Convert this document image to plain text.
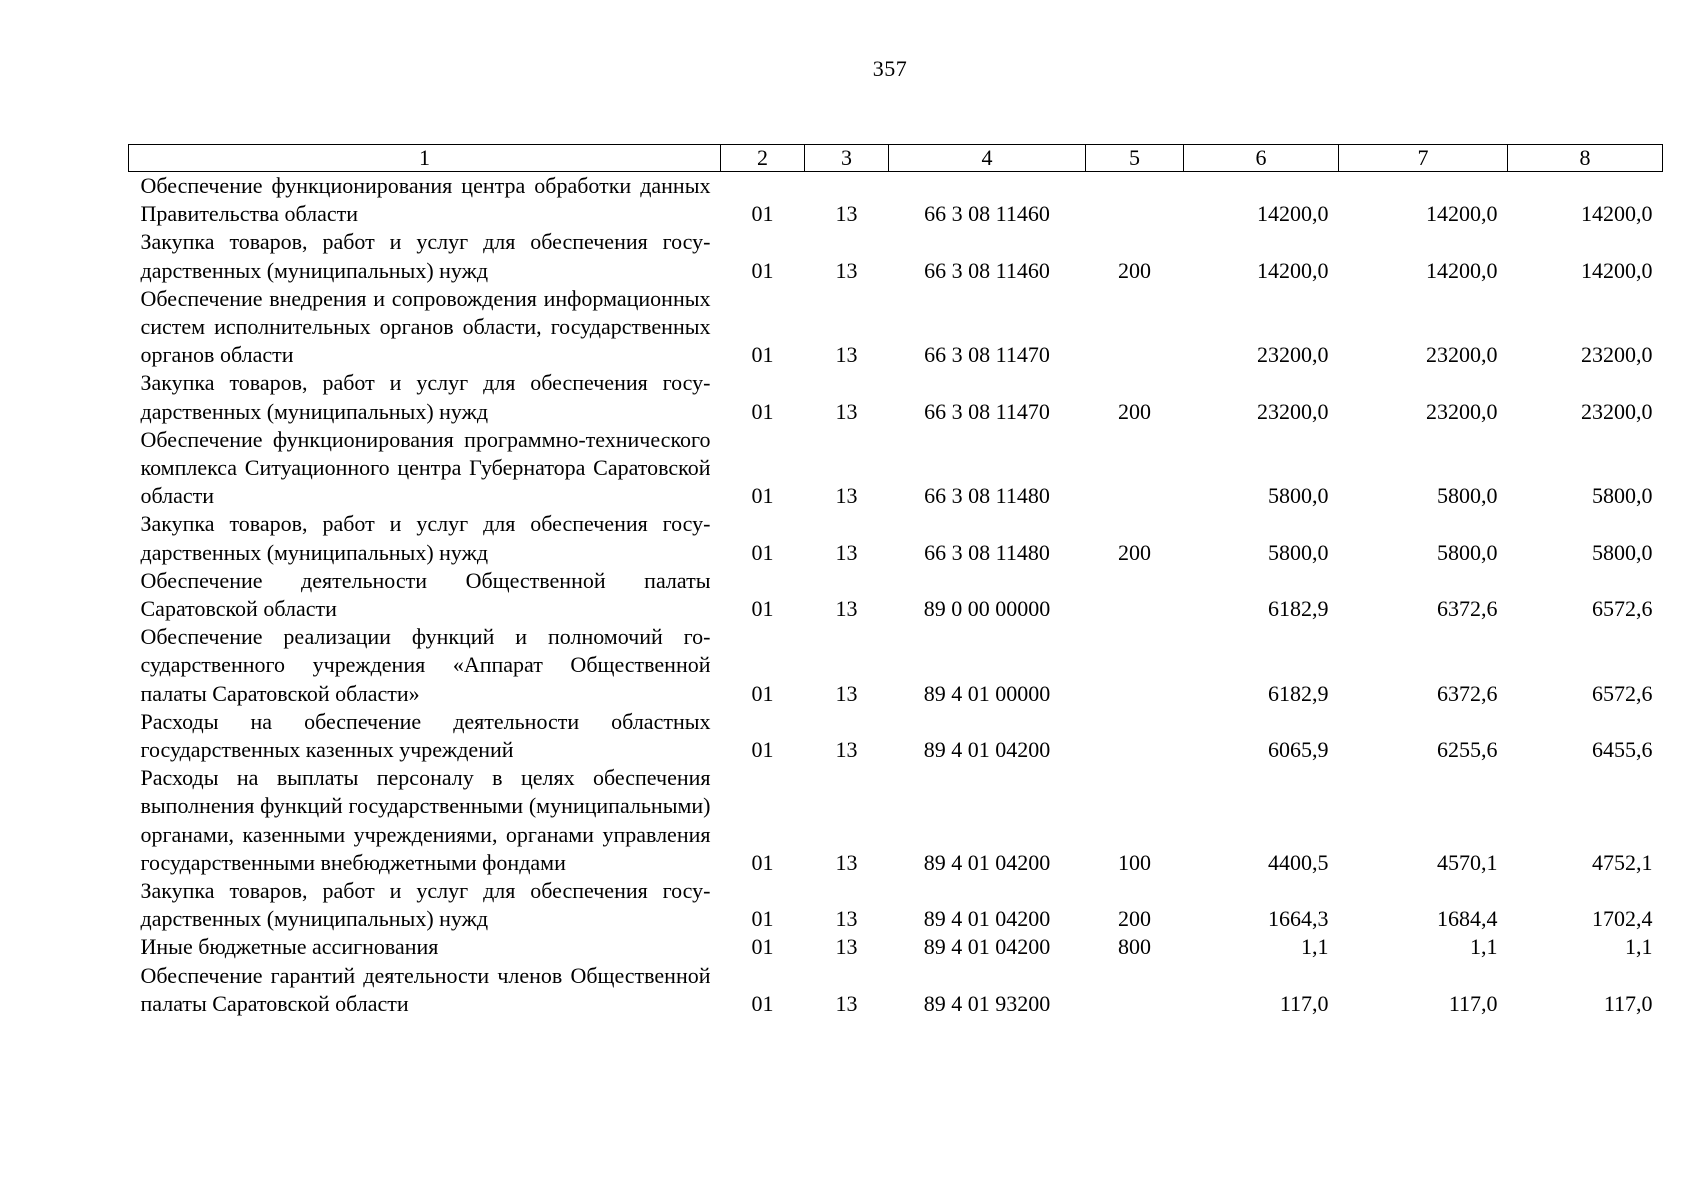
357
1	2	3	4	5	6	7	8
Обеспечение функционирования центра обработки данных Правительства области	01	13	66 3 08 11460		14200,0	14200,0	14200,0
Закупка товаров, работ и услуг для обеспечения государственных (муниципальных) нужд	01	13	66 3 08 11460	200	14200,0	14200,0	14200,0
Обеспечение внедрения и сопровождения информационных систем исполнительных органов области, государственных органов области	01	13	66 3 08 11470		23200,0	23200,0	23200,0
Закупка товаров, работ и услуг для обеспечения государственных (муниципальных) нужд	01	13	66 3 08 11470	200	23200,0	23200,0	23200,0
Обеспечение функционирования программно-технического комплекса Ситуационного центра Губернатора Саратовской области	01	13	66 3 08 11480		5800,0	5800,0	5800,0
Закупка товаров, работ и услуг для обеспечения государственных (муниципальных) нужд	01	13	66 3 08 11480	200	5800,0	5800,0	5800,0
Обеспечение деятельности Общественной палаты Саратовской области	01	13	89 0 00 00000		6182,9	6372,6	6572,6
Обеспечение реализации функций и полномочий государственного учреждения «Аппарат Общественной палаты Саратовской области»	01	13	89 4 01 00000		6182,9	6372,6	6572,6
Расходы на обеспечение деятельности областных государственных казенных учреждений	01	13	89 4 01 04200		6065,9	6255,6	6455,6
Расходы на выплаты персоналу в целях обеспечения выполнения функций государственными (муниципальными) органами, казенными учреждениями, органами управления государственными внебюджетными фондами	01	13	89 4 01 04200	100	4400,5	4570,1	4752,1
Закупка товаров, работ и услуг для обеспечения государственных (муниципальных) нужд	01	13	89 4 01 04200	200	1664,3	1684,4	1702,4
Иные бюджетные ассигнования	01	13	89 4 01 04200	800	1,1	1,1	1,1
Обеспечение гарантий деятельности членов Общественной палаты Саратовской области	01	13	89 4 01 93200		117,0	117,0	117,0
